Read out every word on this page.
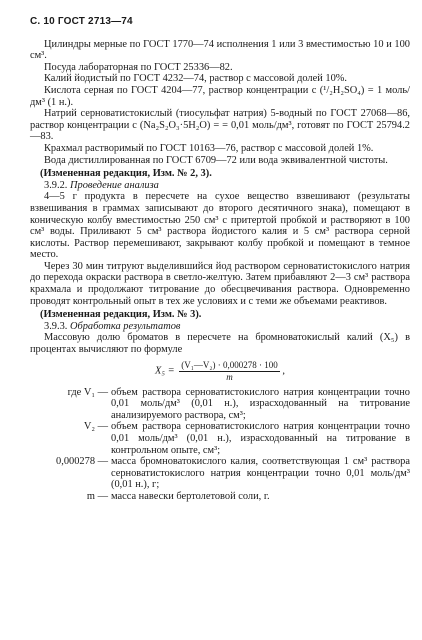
С. 10 ГОСТ 2713—74

Цилиндры мерные по ГОСТ 1770—74 исполнения 1 или 3 вместимостью 10 и 100 см³.

Посуда лабораторная по ГОСТ 25336—82.

Калий йодистый по ГОСТ 4232—74, раствор с массовой долей 10%.

Кислота серная по ГОСТ 4204—77, раствор концентрации с (¹/₂H₂SO₄) = 1 моль/дм³ (1 н.).

Натрий серноватистокислый (тиосульфат натрия) 5-водный по ГОСТ 27068—86, раствор концентрации с (Na₂S₂O₃·5H₂O) = = 0,01 моль/дм³, готовят по ГОСТ 25794.2—83.

Крахмал растворимый по ГОСТ 10163—76, раствор с массовой долей 1%.

Вода дистиллированная по ГОСТ 6709—72 или вода эквивалентной чистоты.

(Измененная редакция, Изм. № 2, 3).

3.9.2. Проведение анализа

4—5 г продукта в пересчете на сухое вещество взвешивают (результаты взвешивания в граммах записывают до второго десятичного знака), помещают в коническую колбу вместимостью 250 см³ с притертой пробкой и растворяют в 100 см³ воды. Приливают 5 см³ раствора йодистого калия и 5 см³ раствора серной кислоты. Раствор перемешивают, закрывают колбу пробкой и помещают в темное место.

Через 30 мин титруют выделившийся йод раствором серноватистокислого натрия до перехода окраски раствора в светло-желтую. Затем прибавляют 2—3 см³ раствора крахмала и продолжают титрование до обесцвечивания раствора. Одновременно проводят контрольный опыт в тех же условиях и с теми же объемами реактивов.

(Измененная редакция, Изм. № 3).

3.9.3. Обработка результатов

Массовую долю броматов в пересчете на бромноватокислый калий (X₅) в процентах вычисляют по формуле

$X_5 = \frac{\text{(V₁—V₂) · 0,000278 · 100}}{m}$ ,
где V₁ — объем раствора серноватистокислого натрия концентрации точно 0,01 моль/дм³ (0,01 н.), израсходованный на титрование анализируемого раствора, см³;
V₂ — объем раствора серноватистокислого натрия концентрации точно 0,01 моль/дм³ (0,01 н.), израсходованный на титрование в контрольном опыте, см³;
0,000278 — масса бромноватокислого калия, соответствующая 1 см³ раствора серноватистокислого натрия концентрации точно 0,01 моль/дм³ (0,01 н.), г;
m — масса навески бертолетовой соли, г.
